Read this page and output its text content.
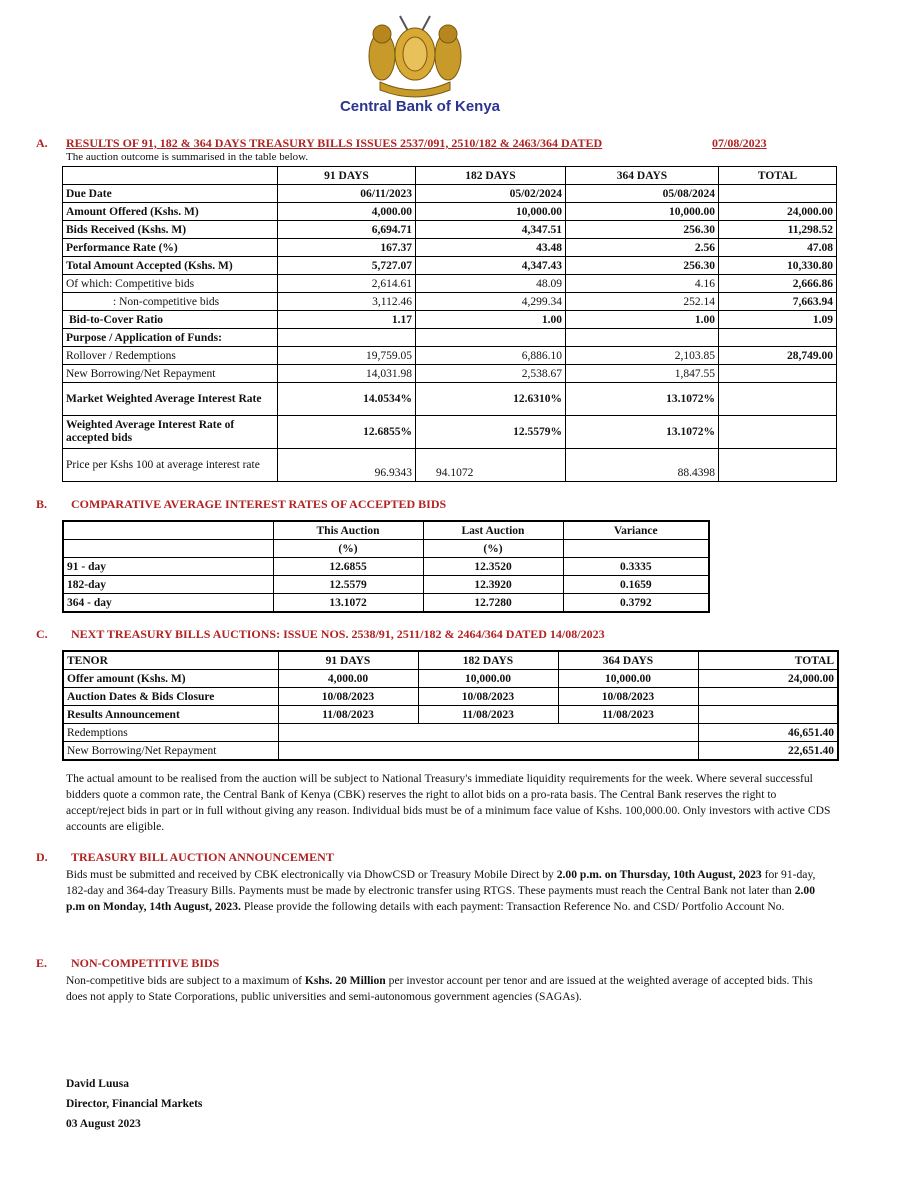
Central Bank of Kenya
A. RESULTS OF 91, 182 & 364 DAYS TREASURY BILLS ISSUES 2537/091, 2510/182 & 2463/364 DATED	07/08/2023
The auction outcome is summarised in the table below.
	91 DAYS	182 DAYS	364 DAYS	TOTAL
Due Date	06/11/2023	05/02/2024	05/08/2024	
Amount Offered (Kshs. M)	4,000.00	10,000.00	10,000.00	24,000.00
Bids Received (Kshs. M)	6,694.71	4,347.51	256.30	11,298.52
Performance Rate (%)	167.37	43.48	2.56	47.08
Total Amount Accepted (Kshs. M)	5,727.07	4,347.43	256.30	10,330.80
Of which: Competitive bids	2,614.61	48.09	4.16	2,666.86
: Non-competitive bids	3,112.46	4,299.34	252.14	7,663.94
Bid-to-Cover Ratio	1.17	1.00	1.00	1.09
Purpose / Application of Funds:				
Rollover / Redemptions	19,759.05	6,886.10	2,103.85	28,749.00
New Borrowing/Net Repayment	14,031.98	2,538.67	1,847.55	
Market Weighted Average Interest Rate	14.0534%	12.6310%	13.1072%	
Weighted Average Interest Rate of accepted bids	12.6855%	12.5579%	13.1072%	
Price per Kshs 100 at average interest rate	96.9343	94.1072	88.4398	
B. COMPARATIVE AVERAGE INTEREST RATES OF ACCEPTED BIDS
	This Auction	Last Auction	Variance
	(%)	(%)	
91 - day	12.6855	12.3520	0.3335
182-day	12.5579	12.3920	0.1659
364 - day	13.1072	12.7280	0.3792
C. NEXT TREASURY BILLS AUCTIONS: ISSUE NOS. 2538/91, 2511/182 & 2464/364 DATED 14/08/2023
TENOR	91 DAYS	182 DAYS	364 DAYS	TOTAL
Offer amount (Kshs. M)	4,000.00	10,000.00	10,000.00	24,000.00
Auction Dates & Bids Closure	10/08/2023	10/08/2023	10/08/2023	
Results Announcement	11/08/2023	11/08/2023	11/08/2023	
Redemptions				46,651.40
New Borrowing/Net Repayment				22,651.40
The actual amount to be realised from the auction will be subject to National Treasury's immediate liquidity requirements for the week. Where several successful bidders quote a common rate, the Central Bank of Kenya (CBK) reserves the right to allot bids on a pro-rata basis. The Central Bank reserves the right to accept/reject bids in part or in full without giving any reason. Individual bids must be of a minimum face value of Kshs. 100,000.00. Only investors with active CDS accounts are eligible.
D. TREASURY BILL AUCTION ANNOUNCEMENT
Bids must be submitted and received by CBK electronically via DhowCSD or Treasury Mobile Direct by 2.00 p.m. on Thursday, 10th August, 2023 for 91-day, 182-day and 364-day Treasury Bills. Payments must be made by electronic transfer using RTGS. These payments must reach the Central Bank not later than 2.00 p.m on Monday, 14th August, 2023. Please provide the following details with each payment: Transaction Reference No. and CSD/ Portfolio Account No.
E. NON-COMPETITIVE BIDS
Non-competitive bids are subject to a maximum of Kshs. 20 Million per investor account per tenor and are issued at the weighted average of accepted bids. This does not apply to State Corporations, public universities and semi-autonomous government agencies (SAGAs).
David Luusa
Director, Financial Markets
03 August 2023
